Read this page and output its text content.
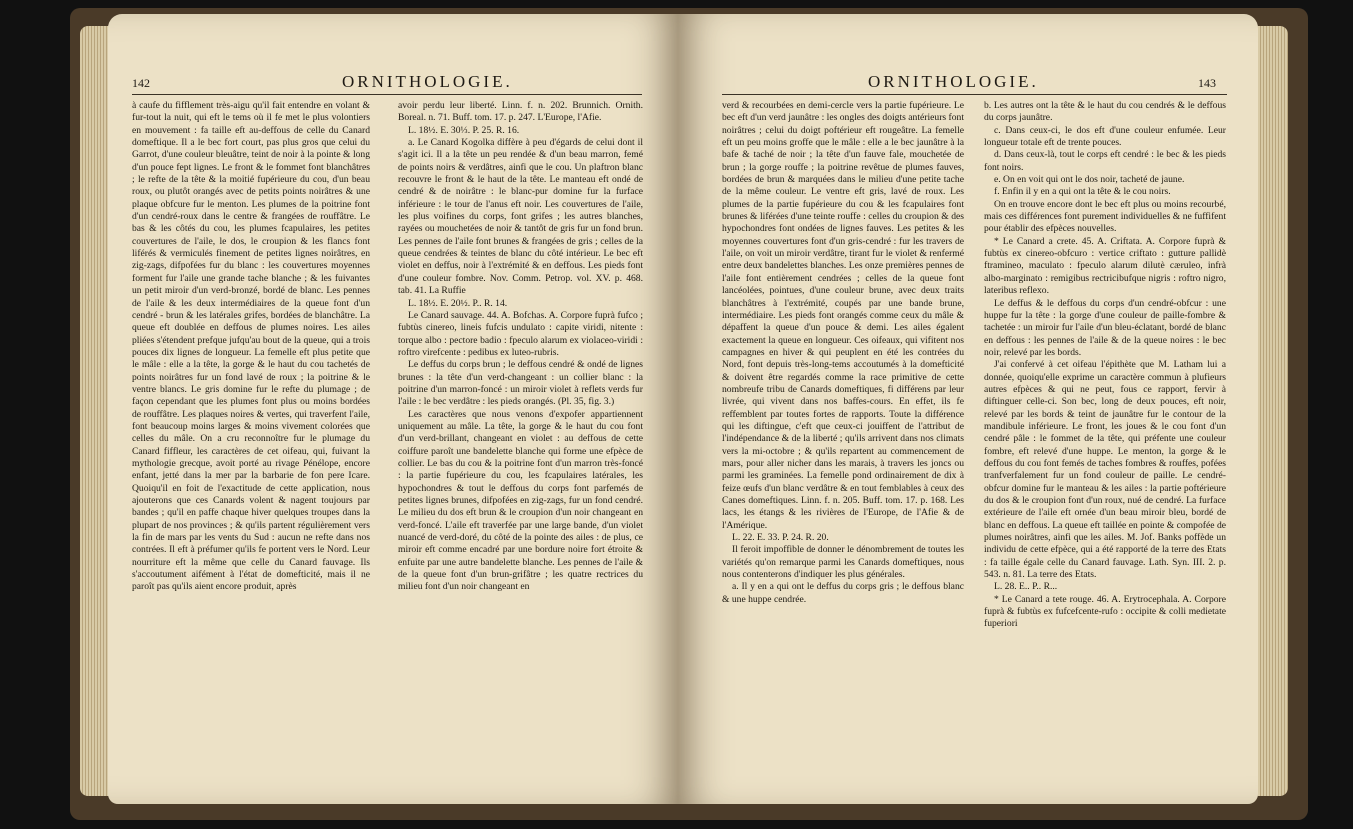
142	ORNITHOLOGIE.

à caufe du fifflement très-aigu qu'il fait entendre en volant & fur-tout la nuit, qui eft le tems où il fe met le plus volontiers en mouvement : fa taille eft au-deffous de celle du Canard domeftique. Il a le bec fort court, pas plus gros que celui du Garrot, d'une couleur bleuâtre, teint de noir à la pointe & long d'un pouce fept lignes. Le front & le fommet font blanchâtres ; le refte de la tête & la moitié fupérieure du cou, d'un beau roux, ou plutôt orangés avec de petits points noirâtres & une plaque obfcure fur le menton. Les plumes de la poitrine font d'un cendré-roux dans le centre & frangées de rouffâtre. Le bas & les côtés du cou, les plumes fcapulaires, les petites couvertures de l'aile, le dos, le croupion & les flancs font liférés & vermiculés finement de petites lignes noirâtres, en zig-zags, difpofées fur du blanc : les couvertures moyennes forment fur l'aile une grande tache blanche ; & les fuivantes un petit miroir d'un verd-bronzé, bordé de blanc. Les pennes de l'aile & les deux intermédiaires de la queue font d'un cendré - brun & les latérales grifes, bordées de blanchâtre. La queue eft doublée en deffous de plumes noires. Les ailes pliées s'étendent prefque jufqu'au bout de la queue, qui a trois pouces dix lignes de longueur. La femelle eft plus petite que le mâle : elle a la tête, la gorge & le haut du cou tachetés de points noirâtres fur un fond lavé de roux ; la poitrine & le ventre blancs. Le gris domine fur le refte du plumage ; de façon cependant que les plumes font plus ou moins bordées de rouffâtre. Les plaques noires & vertes, qui traverfent l'aile, font beaucoup moins larges & moins vivement colorées que celles du mâle. On a cru reconnoître fur le plumage du Canard fiffleur, les caractères de cet oifeau, qui, fuivant la mythologie grecque, avoit porté au rivage Pénélope, encore enfant, jetté dans la mer par la barbarie de fon pere Icare. Quoiqu'il en foit de l'exactitude de cette application, nous ajouterons que ces Canards volent & nagent toujours par bandes ; qu'il en paffe chaque hiver quelques troupes dans la plupart de nos provinces ; & qu'ils partent régulièrement vers la fin de mars par les vents du Sud : aucun ne refte dans nos contrées. Il eft à préfumer qu'ils fe portent vers le Nord. Leur nourriture eft la même que celle du Canard fauvage. Ils s'accoutument aifément à l'état de domefticité, mais il ne paroît pas qu'ils aient encore produit, après

avoir perdu leur liberté. Linn. f. n. 202. Brunnich. Ornith. Boreal. n. 71. Buff. tom. 17. p. 247. L'Europe, l'Afie.

L. 18½. E. 30⅓. P. 25. R. 16.

a. Le Canard Kogolka diffère à peu d'égards de celui dont il s'agit ici. Il a la tête un peu rendée & d'un beau marron, femé de points noirs & verdâtres, ainfi que le cou. Un plaftron blanc recouvre le front & le haut de la tête. Le manteau eft ondé de cendré & de noirâtre : le blanc-pur domine fur la furface inférieure : le tour de l'anus eft noir. Les couvertures de l'aile, les plus voifines du corps, font grifes ; les autres blanches, rayées ou mouchetées de noir & tantôt de gris fur un fond brun. Les pennes de l'aile font brunes & frangées de gris ; celles de la queue cendrées & teintes de blanc du côté intérieur. Le bec eft violet en deffus, noir à l'extrémité & en deffous. Les pieds font d'une couleur fombre. Nov. Comm. Petrop. vol. XV. p. 468. tab. 41. La Ruffie

L. 18½. E. 20½. P.. R. 14.

Le Canard sauvage. 44. A. Bofchas. A. Corpore fuprà fufco ; fubtùs cinereo, lineis fufcis undulato : capite viridi, nitente : torque albo : pectore badio : fpeculo alarum ex violaceo-viridi : roftro virefcente : pedibus ex luteo-rubris.

Le deffus du corps brun ; le deffous cendré & ondé de lignes brunes : la tête d'un verd-changeant : un collier blanc : la poitrine d'un marron-foncé : un miroir violet à reflets verds fur l'aile : le bec verdâtre : les pieds orangés. (Pl. 35, fig. 3.)

Les caractères que nous venons d'expofer appartiennent uniquement au mâle. La tête, la gorge & le haut du cou font d'un verd-brillant, changeant en violet : au deffous de cette coiffure paroît une bandelette blanche qui forme une efpèce de collier. Le bas du cou & la poitrine font d'un marron très-foncé : la partie fupérieure du cou, les fcapulaires latérales, les hypochondres & tout le deffous du corps font parfemés de petites lignes brunes, difpofées en zig-zags, fur un fond cendré. Le milieu du dos eft brun & le croupion d'un noir changeant en verd-foncé. L'aile eft traverfée par une large bande, d'un violet nuancé de verd-doré, du côté de la pointe des ailes : de plus, ce miroir eft comme encadré par une bordure noire fort étroite & enfuite par une autre bandelette blanche. Les pennes de l'aile & de la queue font d'un brun-grifâtre ; les quatre rectrices du milieu font d'un noir changeant en

ORNITHOLOGIE.	143

verd & recourbées en demi-cercle vers la partie fupérieure. Le bec eft d'un verd jaunâtre : les ongles des doigts antérieurs font noirâtres ; celui du doigt poftérieur eft rougeâtre. La femelle eft un peu moins groffe que le mâle : elle a le bec jaunâtre à la bafe & taché de noir ; la tête d'un fauve fale, mouchetée de brun ; la gorge rouffe ; la poitrine revêtue de plumes fauves, bordées de brun & marquées dans le milieu d'une petite tache de la même couleur. Le ventre eft gris, lavé de roux. Les plumes de la partie fupérieure du cou & les fcapulaires font brunes & liférées d'une teinte rouffe : celles du croupion & des hypochondres font ondées de lignes fauves. Les petites & les moyennes couvertures font d'un gris-cendré : fur les travers de l'aile, on voit un miroir verdâtre, tirant fur le violet & renfermé entre deux bandelettes blanches. Les onze premières pennes de l'aile font entièrement cendrées ; celles de la queue font lancéolées, pointues, d'une couleur brune, avec deux traits blanchâtres à l'extrémité, coupés par une bande brune, intermédiaire. Les pieds font orangés comme ceux du mâle & dépaffent la queue d'un pouce & demi. Les ailes égalent exactement la queue en longueur. Ces oifeaux, qui vifitent nos campagnes en hiver & qui peuplent en été les contrées du Nord, font depuis très-long-tems accoutumés à la domefticité & doivent être regardés comme la race primitive de cette nombreufe tribu de Canards domeftiques, fi différens par leur livrée, qui vivent dans nos baffes-cours. En effet, ils fe reffemblent par toutes fortes de rapports. Toute la différence qui les diftingue, c'eft que ceux-ci jouiffent de l'attribut de l'indépendance & de la liberté ; qu'ils arrivent dans nos climats vers la mi-octobre ; & qu'ils repartent au commencement de mars, pour aller nicher dans les marais, à travers les joncs ou parmi les graminées. La femelle pond ordinairement de dix à feize œufs d'un blanc verdâtre & en tout femblables à ceux des Canes domeftiques. Linn. f. n. 205. Buff. tom. 17. p. 168. Les lacs, les étangs & les rivières de l'Europe, de l'Afie & de l'Amérique.

L. 22. E. 33. P. 24. R. 20.

Il feroit impoffible de donner le dénombrement de toutes les variétés qu'on remarque parmi les Canards domeftiques, nous nous contenterons d'indiquer les plus générales.

a. Il y en a qui ont le deffus du corps gris ; le deffous blanc & une huppe cendrée.

b. Les autres ont la tête & le haut du cou cendrés & le deffous du corps jaunâtre.

c. Dans ceux-ci, le dos eft d'une couleur enfumée. Leur longueur totale eft de trente pouces.

d. Dans ceux-là, tout le corps eft cendré : le bec & les pieds font noirs.

e. On en voit qui ont le dos noir, tacheté de jaune.

f. Enfin il y en a qui ont la tête & le cou noirs.

On en trouve encore dont le bec eft plus ou moins recourbé, mais ces différences font purement individuelles & ne fuffifent pour établir des efpèces nouvelles.

* Le Canard a crete. 45. A. Criftata. A. Corpore fuprà & fubtùs ex cinereo-obfcuro : vertice criftato : gutture pallidè ftramineo, maculato : fpeculo alarum dilutè cæruleo, infrà albo-marginato : remigibus rectricibufque nigris : roftro nigro, lateribus reflexo.

Le deffus & le deffous du corps d'un cendré-obfcur : une huppe fur la tête : la gorge d'une couleur de paille-fombre & tachetée : un miroir fur l'aile d'un bleu-éclatant, bordé de blanc en deffous : les pennes de l'aile & de la queue noires : le bec noir, relevé par les bords.

J'ai confervé à cet oifeau l'épithète que M. Latham lui a donnée, quoiqu'elle exprime un caractère commun à plufieurs autres efpèces & qui ne peut, fous ce rapport, fervir à diftinguer celle-ci. Son bec, long de deux pouces, eft noir, relevé par les bords & teint de jaunâtre fur le contour de la mandibule inférieure. Le front, les joues & le cou font d'un cendré pâle : le fommet de la tête, qui préfente une couleur fombre, eft relevé d'une huppe. Le menton, la gorge & le deffous du cou font femés de taches fombres & rouffes, pofées tranfverfalement fur un fond couleur de paille. Le cendré-obfcur domine fur le manteau & les ailes : la partie poftérieure du dos & le croupion font d'un roux, nué de cendré. La furface extérieure de l'aile eft ornée d'un beau miroir bleu, bordé de blanc en deffous. La queue eft taillée en pointe & compofée de plumes noirâtres, ainfi que les ailes. M. Jof. Banks poffède un individu de cette efpèce, qui a été rapporté de la terre des Etats : fa taille égale celle du Canard fauvage. Lath. Syn. III. 2. p. 543. n. 81. La terre des Etats.

L. 28. E.. P.. R...

* Le Canard a tete rouge. 46. A. Erytrocephala. A. Corpore fuprà & fubtùs ex fufcefcente-rufo : occipite & colli medietate fuperiori
